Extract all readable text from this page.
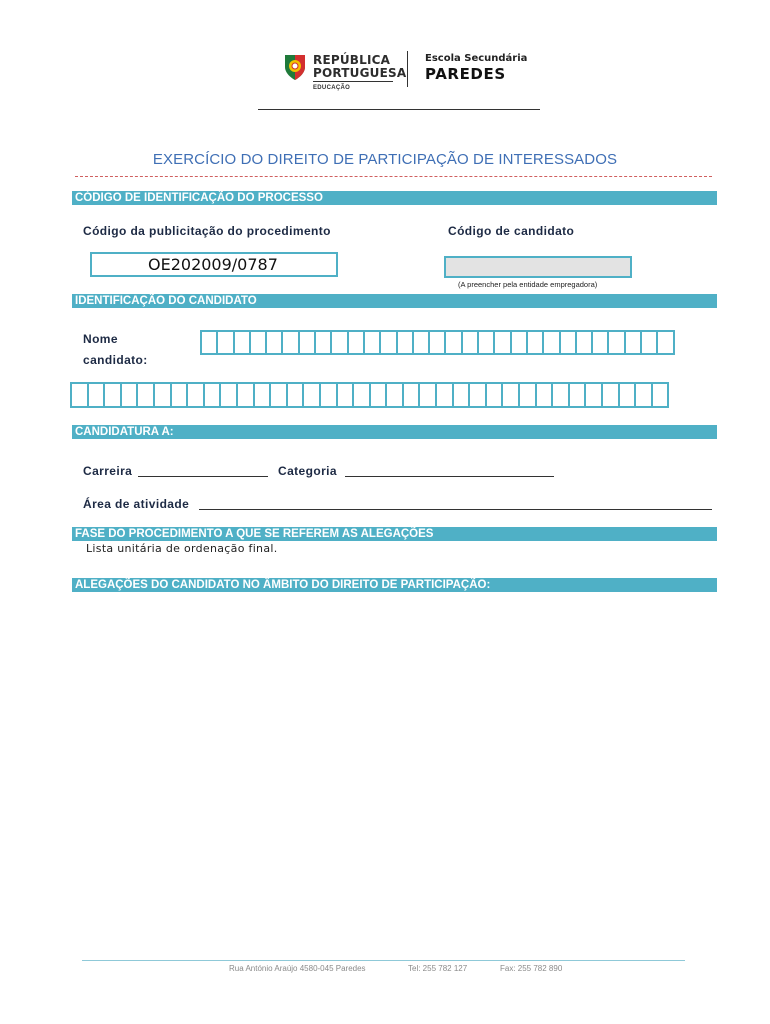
REPÚBLICA
PORTUGUESA
EDUCAÇÃO
Escola Secundária
PAREDES
EXERCÍCIO DO DIREITO DE PARTICIPAÇÃO DE INTERESSADOS
CÓDIGO DE IDENTIFICAÇÃO DO PROCESSO
Código da publicitação do procedimento	Código de candidato
OE202009/0787
(A preencher pela entidade empregadora)
IDENTIFICAÇÃO DO CANDIDATO
Nome
candidato:
CANDIDATURA A:
Carreira	Categoria
Área de atividade
FASE DO PROCEDIMENTO A QUE SE REFEREM AS ALEGAÇÕES
Lista unitária de ordenação final.
ALEGAÇÕES DO CANDIDATO NO ÂMBITO DO DIREITO DE PARTICIPAÇÃO:
Rua António Araújo 4580-045 Paredes	Tel: 255 782 127	Fax: 255 782 890
